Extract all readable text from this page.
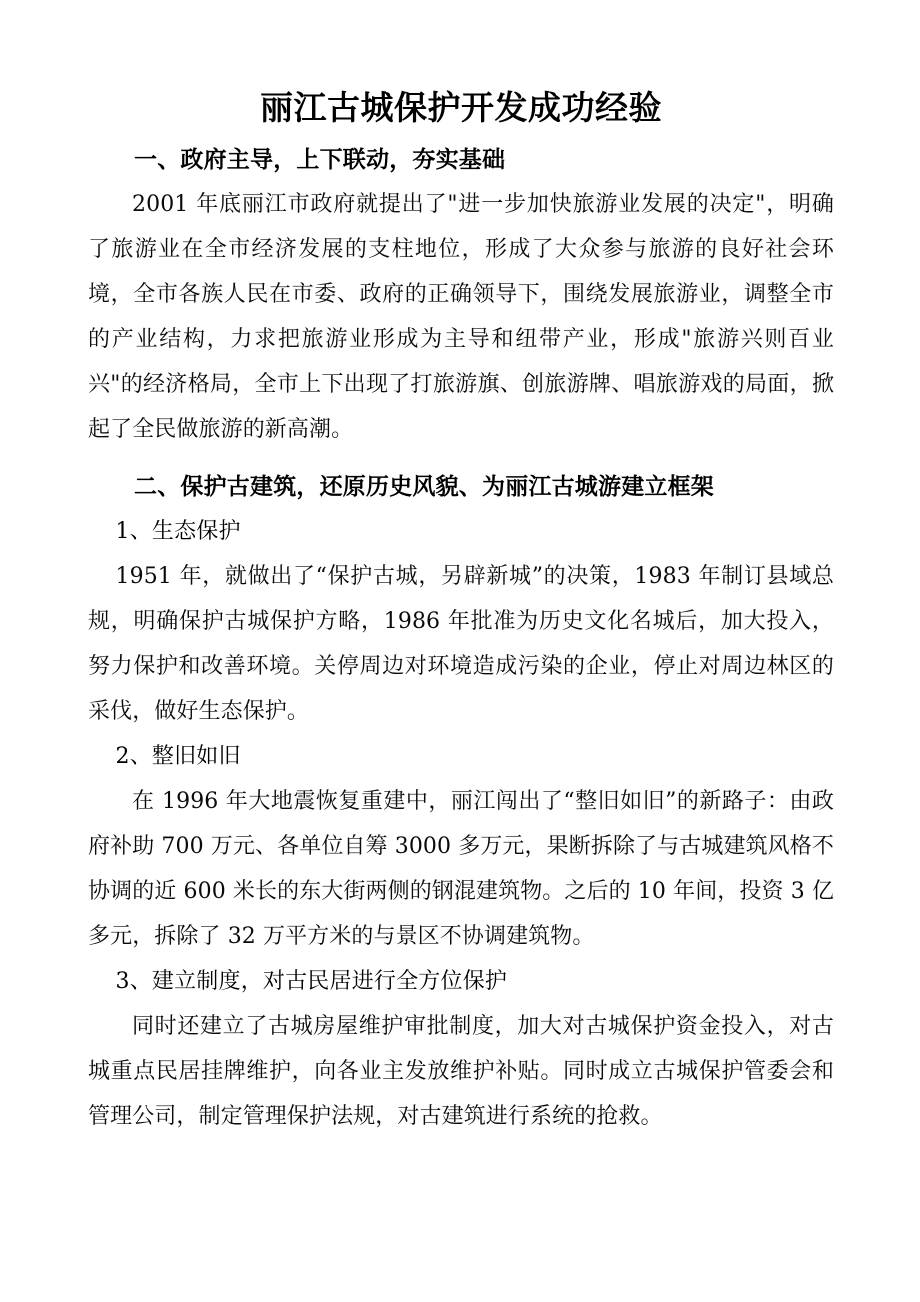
丽江古城保护开发成功经验
一、政府主导，上下联动，夯实基础

2001 年底丽江市政府就提出了"进一步加快旅游业发展的决定"，明确了旅游业在全市经济发展的支柱地位，形成了大众参与旅游的良好社会环境，全市各族人民在市委、政府的正确领导下，围绕发展旅游业，调整全市的产业结构，力求把旅游业形成为主导和纽带产业，形成"旅游兴则百业兴"的经济格局，全市上下出现了打旅游旗、创旅游牌、唱旅游戏的局面，掀起了全民做旅游的新高潮。

二、保护古建筑，还原历史风貌、为丽江古城游建立框架
1、生态保护

1951 年，就做出了“保护古城，另辟新城”的决策，1983 年制订县域总规，明确保护古城保护方略，1986 年批准为历史文化名城后，加大投入，努力保护和改善环境。关停周边对环境造成污染的企业，停止对周边林区的采伐，做好生态保护。

2、整旧如旧

在 1996 年大地震恢复重建中，丽江闯出了“整旧如旧”的新路子：由政府补助 700 万元、各单位自筹 3000 多万元，果断拆除了与古城建筑风格不协调的近 600 米长的东大街两侧的钢混建筑物。之后的 10 年间，投资 3 亿多元，拆除了 32 万平方米的与景区不协调建筑物。

3、建立制度，对古民居进行全方位保护

同时还建立了古城房屋维护审批制度，加大对古城保护资金投入，对古城重点民居挂牌维护，向各业主发放维护补贴。同时成立古城保护管委会和管理公司，制定管理保护法规，对古建筑进行系统的抢救。
